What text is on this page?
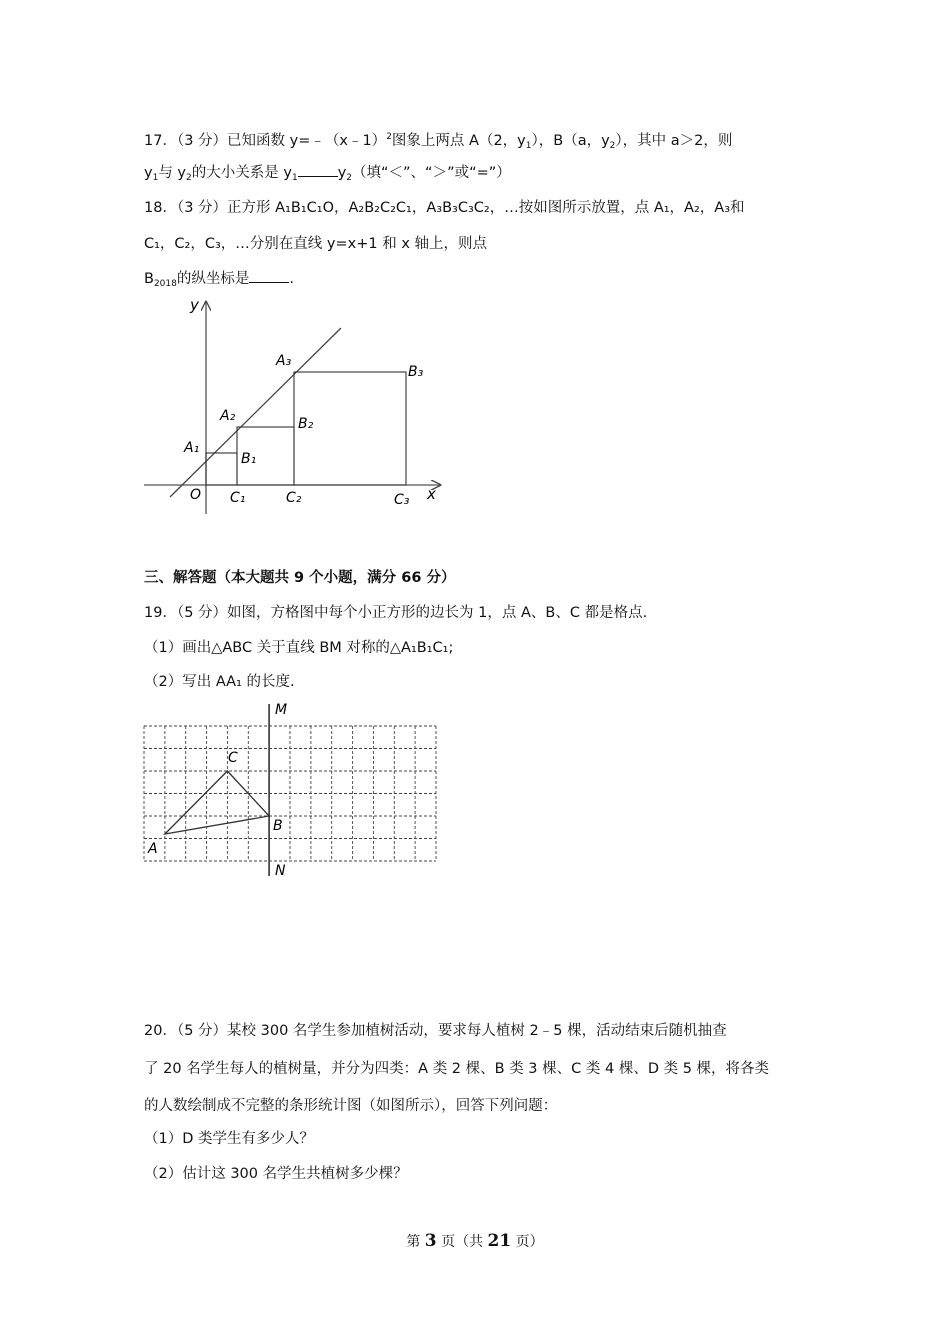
17．（3 分）已知函数 y=﹣（x﹣1）$^2$图象上两点 A（2，$y_1$），B（a，$y_2$），其中 a＞2，则
$y_1$与 $y_2$的大小关系是 $y_1$	$y_2$（填“＜”、“＞”或“=”）
18．（3 分）正方形 A₁B₁C₁O，A₂B₂C₂C₁，A₃B₃C₃C₂，…按如图所示放置，点 A₁，A₂，A₃和
C₁，C₂，C₃，…分别在直线 y=x+1 和 x 轴上，则点
$B_{2018}$的纵坐标是	.
y
A₃
B₃
A₂	B₂
A₁
B₁
O C₁	C₂	C₃ x
三、解答题（本大题共 9 个小题，满分 66 分）
19．（5 分）如图，方格图中每个小正方形的边长为 1，点 A、B、C 都是格点.
（1）画出△ABC 关于直线 BM 对称的△A₁B₁C₁;
（2）写出 AA₁ 的长度.
M
C
B
A
N
20．（5 分）某校 300 名学生参加植树活动，要求每人植树 2﹣5 棵，活动结束后随机抽查
了 20 名学生每人的植树量，并分为四类：A 类 2 棵、B 类 3 棵、C 类 4 棵、D 类 5 棵，将各类
的人数绘制成不完整的条形统计图（如图所示），回答下列问题：
（1）D 类学生有多少人？
（2）估计这 300 名学生共植树多少棵？
第 3 页（共 21 页）
